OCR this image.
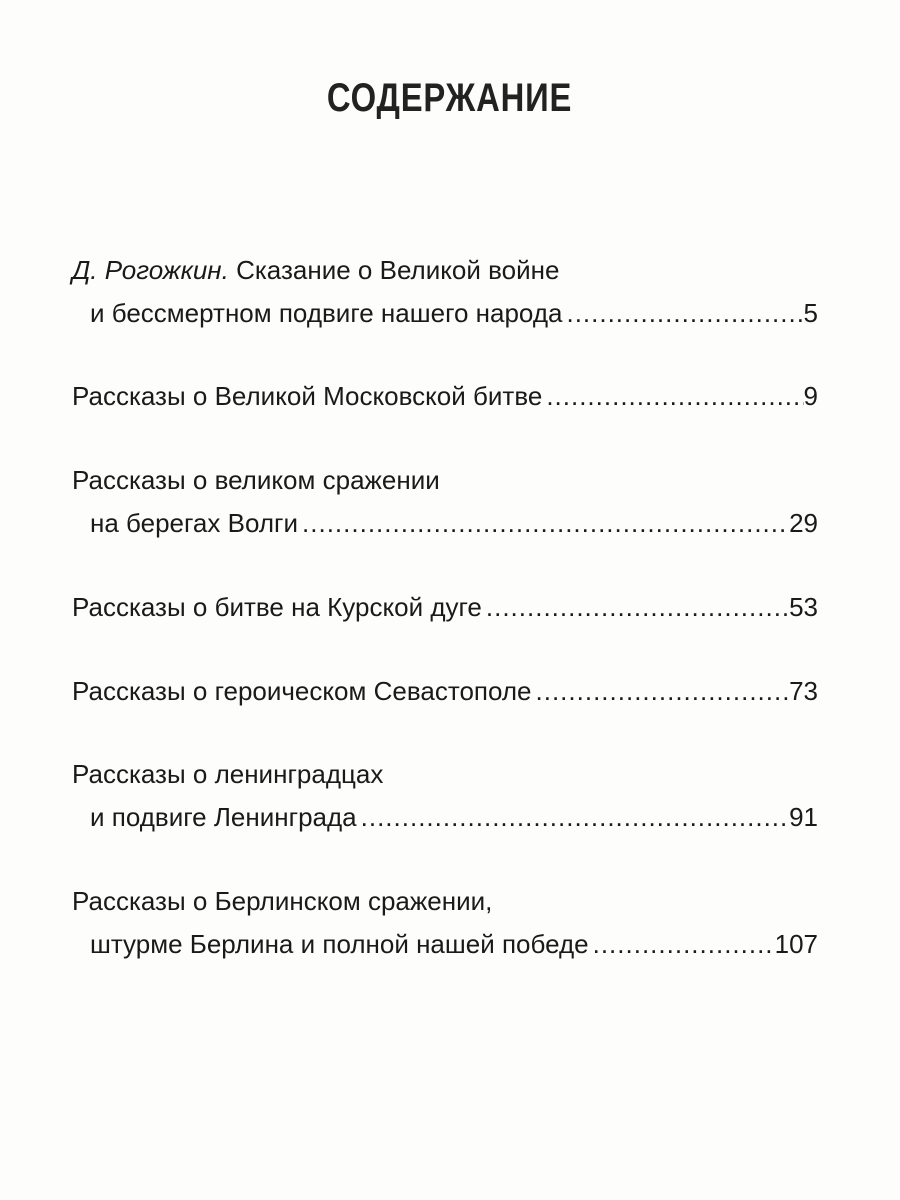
СОДЕРЖАНИЕ
Д. Рогожкин. Сказание о Великой войне
и бессмертном подвиге нашего народа .....	5
Рассказы о Великой Московской битве .....	9
Рассказы о великом сражении
на берегах Волги .....	29
Рассказы о битве на Курской дуге .....	53
Рассказы о героическом Севастополе .....	73
Рассказы о ленинградцах
и подвиге Ленинграда .....	91
Рассказы о Берлинском сражении,
штурме Берлина и полной нашей победе .....	107
